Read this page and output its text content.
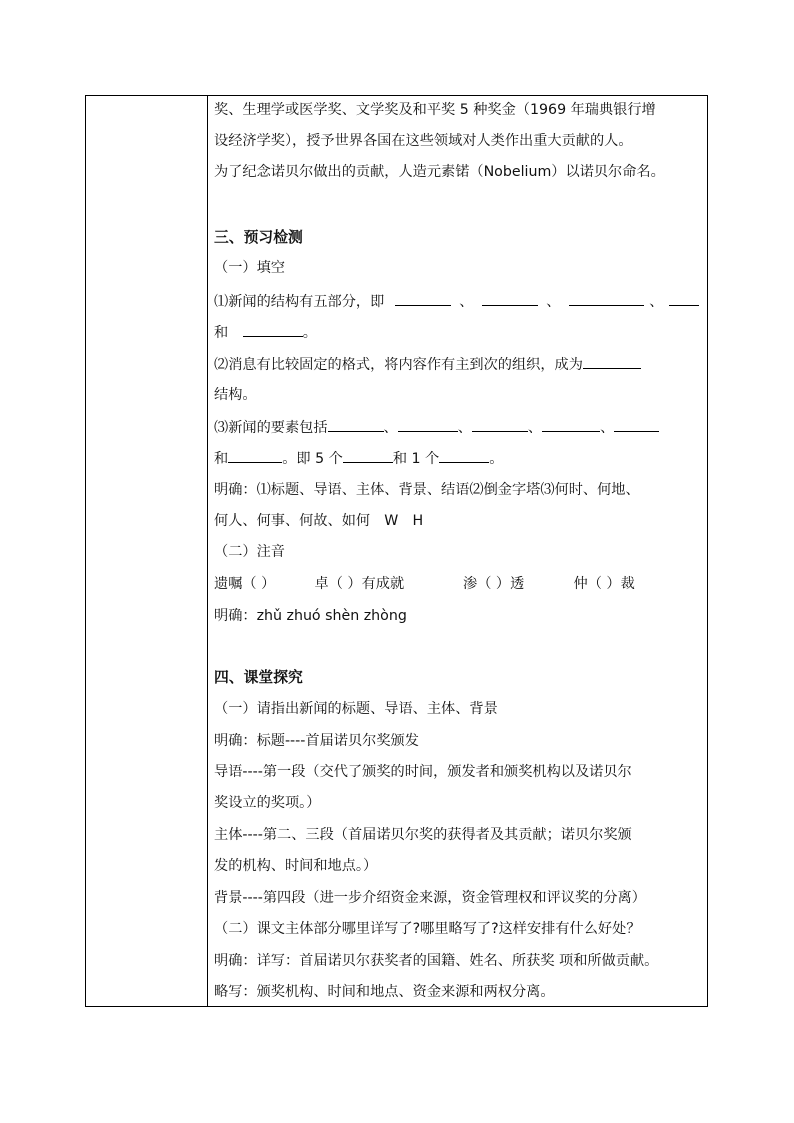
奖、生理学或医学奖、文学奖及和平奖 5 种奖金（1969 年瑞典银行增
设经济学奖），授予世界各国在这些领域对人类作出重大贡献的人。
为了纪念诺贝尔做出的贡献，人造元素锘（Nobelium）以诺贝尔命名。
三、预习检测
（一）填空
⑴新闻的结构有五部分，即	、	、	、
和	。
⑵消息有比较固定的格式，将内容作有主到次的组织，成为
结构。
⑶新闻的要素包括	、	、	、	、
和	。即 5 个	和 1 个	。
明确：⑴标题、导语、主体、背景、结语⑵倒金字塔⑶何时、何地、
何人、何事、何故、如何　W　H
（二）注音
遗嘱（ ）	卓（ ）有成就	渗（ ）透	仲（ ）裁
明确：zhǔ zhuó shèn zhòng
四、课堂探究
（一）请指出新闻的标题、导语、主体、背景
明确：标题----首届诺贝尔奖颁发
导语----第一段（交代了颁奖的时间，颁发者和颁奖机构以及诺贝尔
奖设立的奖项。）
主体----第二、三段（首届诺贝尔奖的获得者及其贡献；诺贝尔奖颁
发的机构、时间和地点。）
背景----第四段（进一步介绍资金来源，资金管理权和评议奖的分离）
（二）课文主体部分哪里详写了?哪里略写了?这样安排有什么好处？
明确：详写：首届诺贝尔获奖者的国籍、姓名、所获奖 项和所做贡献。
略写：颁奖机构、时间和地点、资金来源和两权分离。
